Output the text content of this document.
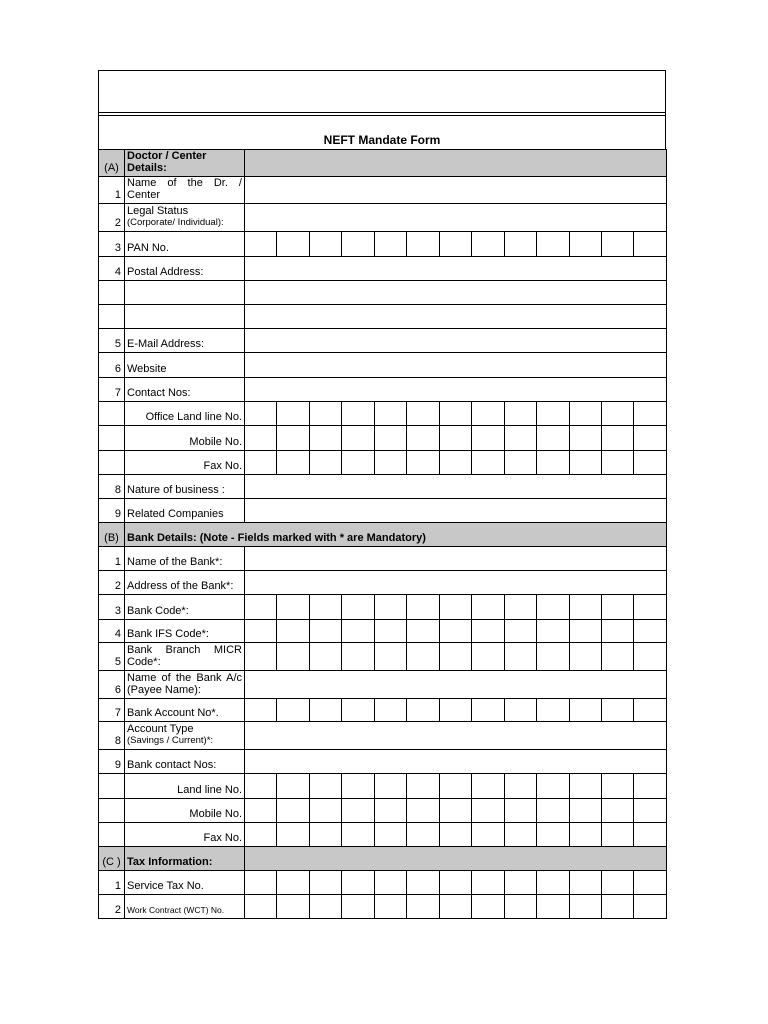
NEFT Mandate Form
(A)	Doctor / Center Details:													
1	Name of the Dr. / Center													
2	Legal Status
(Corporate/ Individual):													

3	PAN No.													
4	Postal Address:													

5	E-Mail Address:													
6	Website													
7	Contact Nos:													
	Office Land line No.													
	Mobile No.													
	Fax No.													
8	Nature of business :													
9	Related Companies													
(B)	Bank Details: (Note - Fields marked with * are Mandatory)													
1	Name of the Bank*:													
2	Address of the Bank*:													
3	Bank Code*:													
4	Bank IFS Code*:													
5	Bank Branch MICR Code*:													
6	Name of the Bank A/c (Payee Name):													
7	Bank Account No*.													
8	Account Type
(Savings / Current)*:													

9	Bank contact Nos:													
	Land line No.													
	Mobile No.													
	Fax No.													
(C )	Tax Information:													
1	Service Tax No.													
2	Work Contract (WCT) No.													
